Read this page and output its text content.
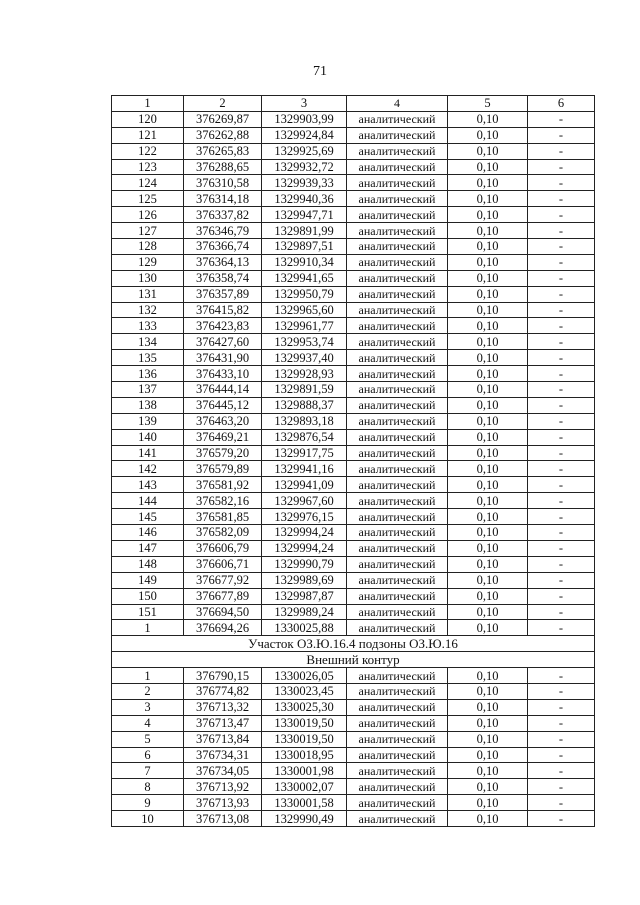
71
1	2	3	4	5	6
120	376269,87	1329903,99	аналитический	0,10	-
121	376262,88	1329924,84	аналитический	0,10	-
122	376265,83	1329925,69	аналитический	0,10	-
123	376288,65	1329932,72	аналитический	0,10	-
124	376310,58	1329939,33	аналитический	0,10	-
125	376314,18	1329940,36	аналитический	0,10	-
126	376337,82	1329947,71	аналитический	0,10	-
127	376346,79	1329891,99	аналитический	0,10	-
128	376366,74	1329897,51	аналитический	0,10	-
129	376364,13	1329910,34	аналитический	0,10	-
130	376358,74	1329941,65	аналитический	0,10	-
131	376357,89	1329950,79	аналитический	0,10	-
132	376415,82	1329965,60	аналитический	0,10	-
133	376423,83	1329961,77	аналитический	0,10	-
134	376427,60	1329953,74	аналитический	0,10	-
135	376431,90	1329937,40	аналитический	0,10	-
136	376433,10	1329928,93	аналитический	0,10	-
137	376444,14	1329891,59	аналитический	0,10	-
138	376445,12	1329888,37	аналитический	0,10	-
139	376463,20	1329893,18	аналитический	0,10	-
140	376469,21	1329876,54	аналитический	0,10	-
141	376579,20	1329917,75	аналитический	0,10	-
142	376579,89	1329941,16	аналитический	0,10	-
143	376581,92	1329941,09	аналитический	0,10	-
144	376582,16	1329967,60	аналитический	0,10	-
145	376581,85	1329976,15	аналитический	0,10	-
146	376582,09	1329994,24	аналитический	0,10	-
147	376606,79	1329994,24	аналитический	0,10	-
148	376606,71	1329990,79	аналитический	0,10	-
149	376677,92	1329989,69	аналитический	0,10	-
150	376677,89	1329987,87	аналитический	0,10	-
151	376694,50	1329989,24	аналитический	0,10	-
1	376694,26	1330025,88	аналитический	0,10	-
Участок ОЗ.Ю.16.4 подзоны ОЗ.Ю.16					
Внешний контур					
1	376790,15	1330026,05	аналитический	0,10	-
2	376774,82	1330023,45	аналитический	0,10	-
3	376713,32	1330025,30	аналитический	0,10	-
4	376713,47	1330019,50	аналитический	0,10	-
5	376713,84	1330019,50	аналитический	0,10	-
6	376734,31	1330018,95	аналитический	0,10	-
7	376734,05	1330001,98	аналитический	0,10	-
8	376713,92	1330002,07	аналитический	0,10	-
9	376713,93	1330001,58	аналитический	0,10	-
10	376713,08	1329990,49	аналитический	0,10	-
